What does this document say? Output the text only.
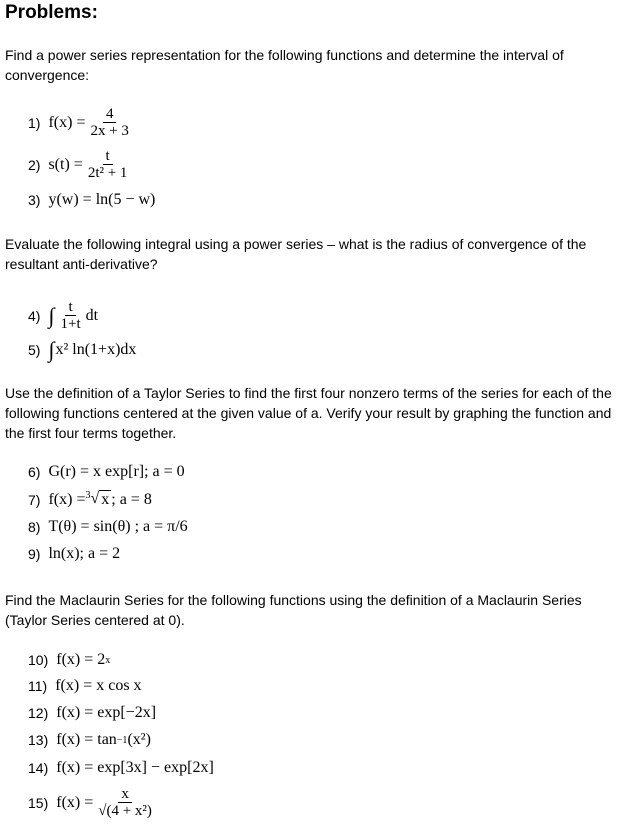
Problems:

Find a power series representation for the following functions and determine the interval of convergence:

1) $f(x) = \frac{4}{2x + 3}$
2) $s(t) = \frac{t}{\text{2t² + 1}}$
3) y(w) = ln(5 − w)

Evaluate the following integral using a power series – what is the radius of convergence of the resultant anti-derivative?

4) ∫ $\frac{t}{1+t}$ dt
5) ∫ x² ln(1+x)dx

Use the definition of a Taylor Series to find the first four nonzero terms of the series for each of the following functions centered at the given value of a. Verify your result by graphing the function and the first four terms together.

6) G(r) = x exp[r]; a = 0
7) f(x) = 3 √ x ; a = 8
8) T(θ) = sin(θ) ; a = π/6
9) ln(x); a = 2

Find the Maclaurin Series for the following functions using the definition of a Maclaurin Series (Taylor Series centered at 0).

10) f(x) = 2 x
11) f(x) = x cos x
12) f(x) = exp[−2x]
13) f(x) = tan −1 (x²)
14) f(x) = exp[3x] − exp[2x]
15) $f(x) = \frac{x}{\text{√(4 + x²)}}$
